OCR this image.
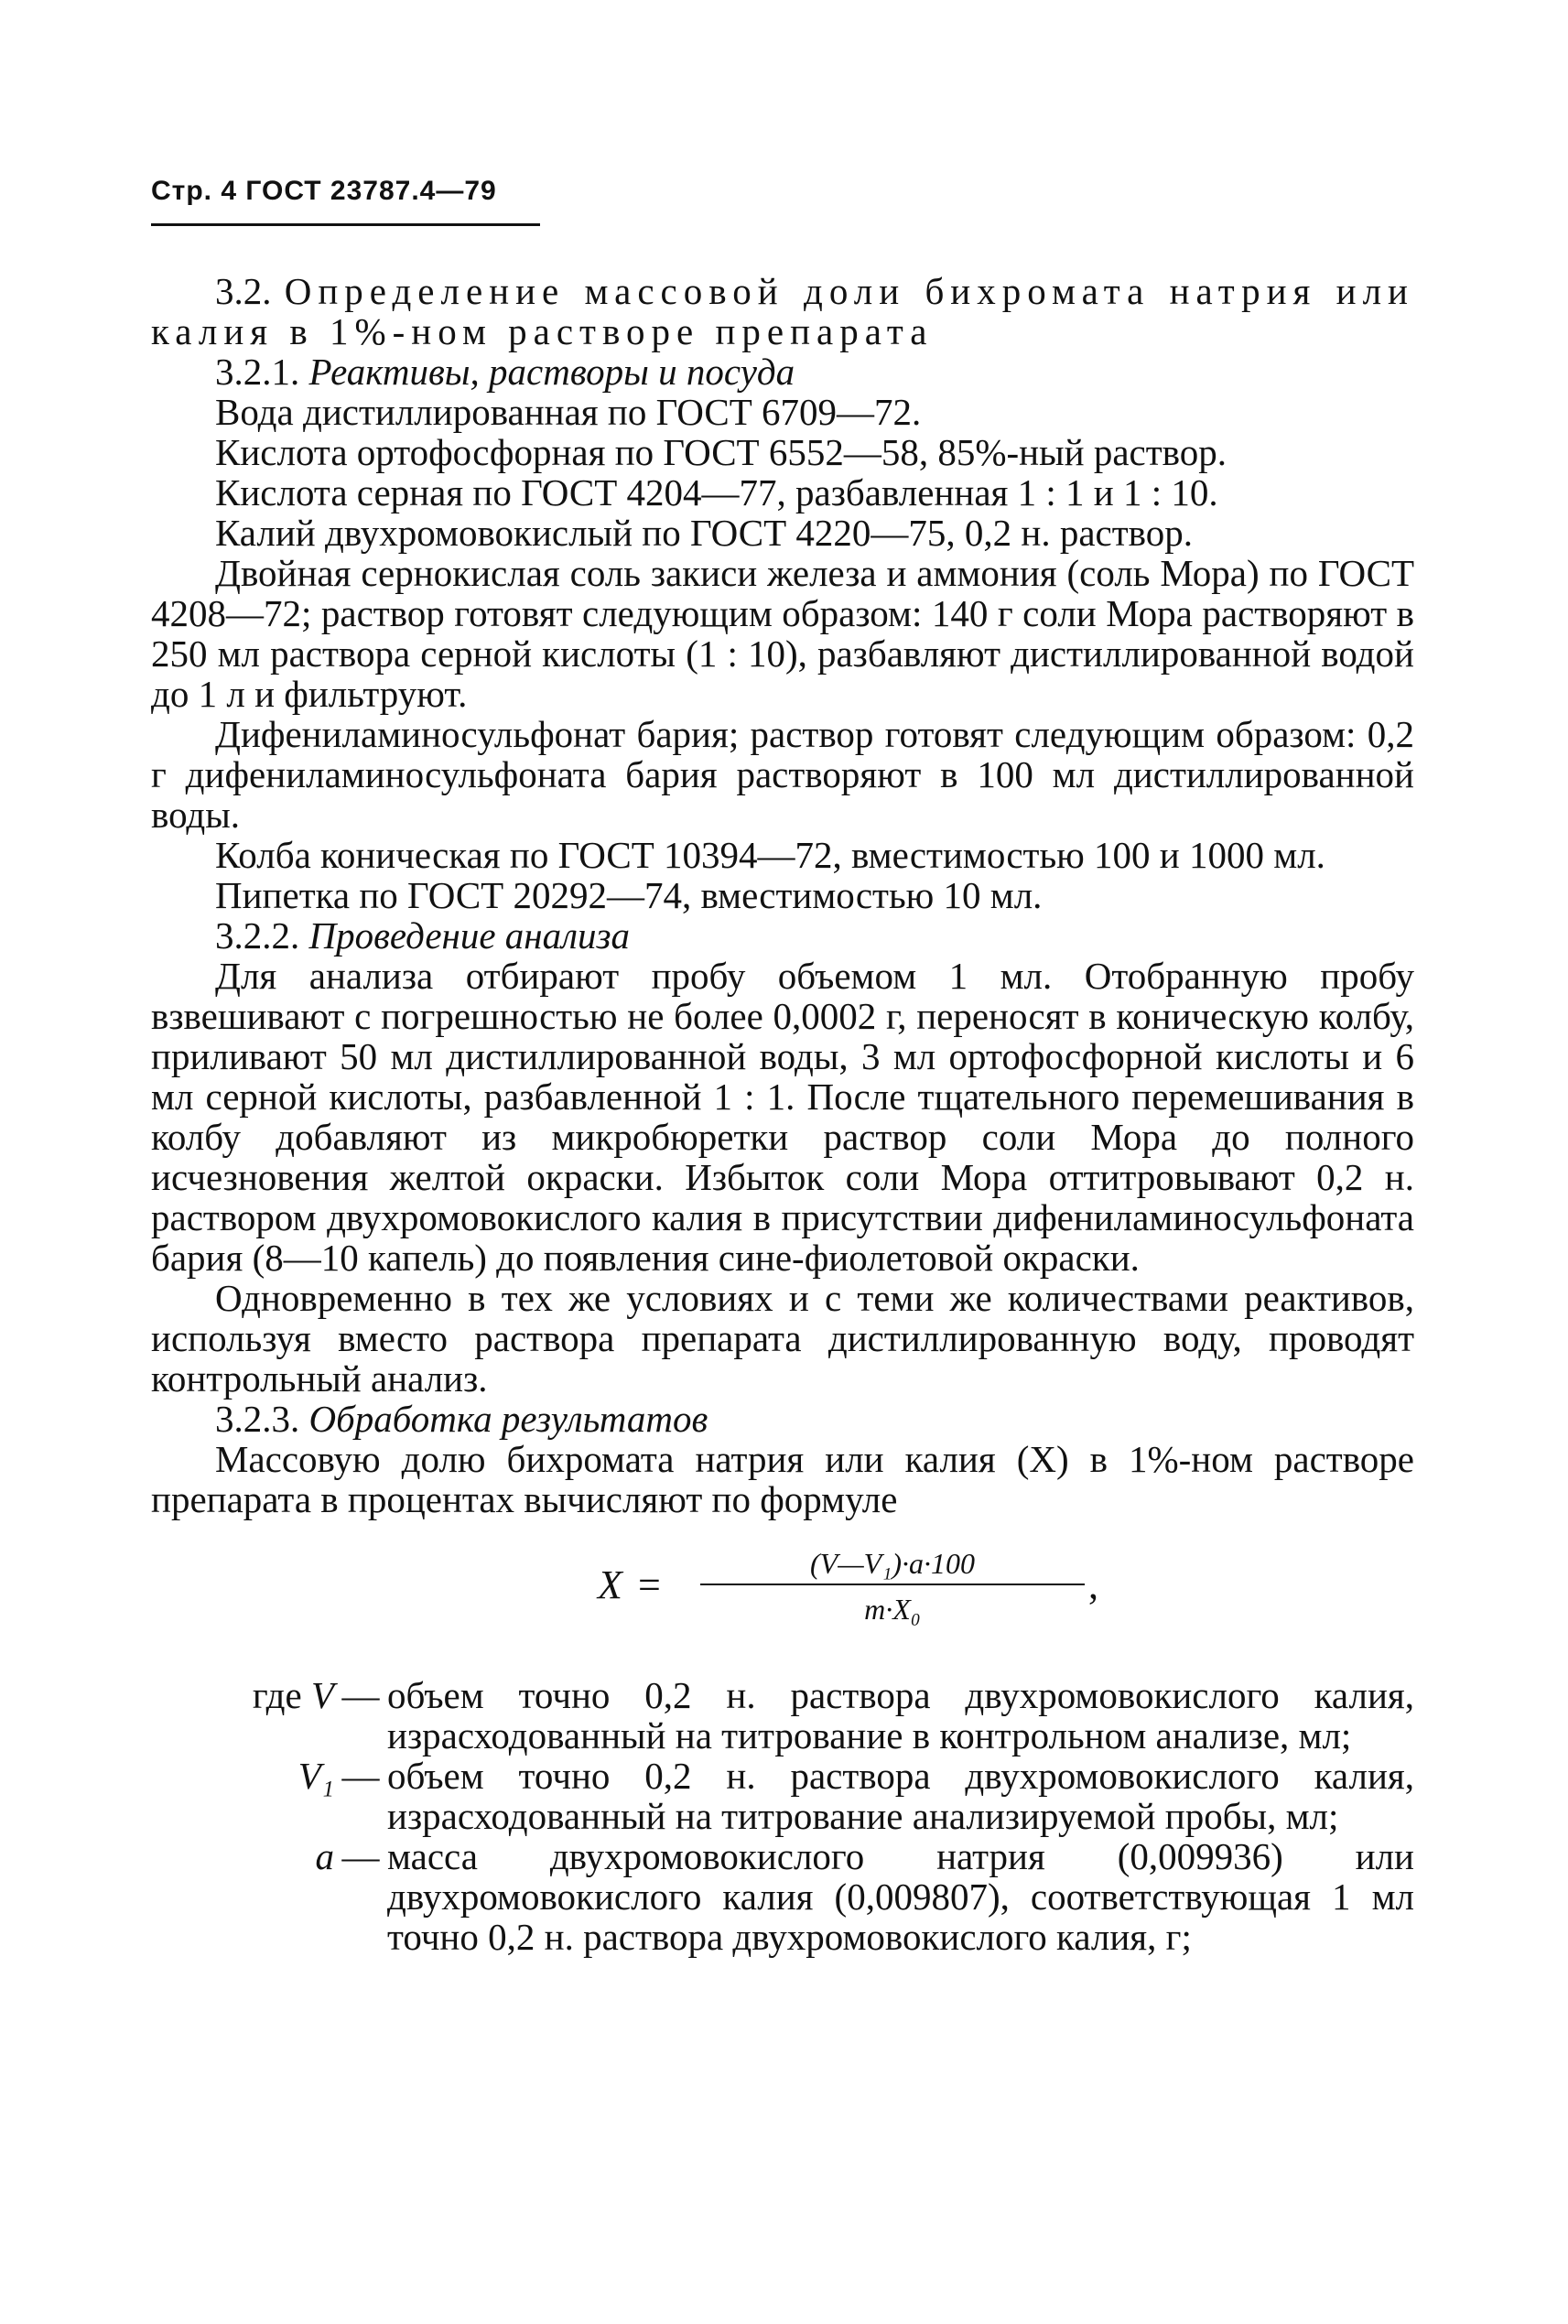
Стр. 4 ГОСТ 23787.4—79
3.2. Определение массовой доли бихромата натрия или калия в 1%-ном растворе препарата
3.2.1. Реактивы, растворы и посуда
Вода дистиллированная по ГОСТ 6709—72.
Кислота ортофосфорная по ГОСТ 6552—58, 85%-ный раствор.
Кислота серная по ГОСТ 4204—77, разбавленная 1 : 1 и 1 : 10.
Калий двухромовокислый по ГОСТ 4220—75, 0,2 н. раствор.
Двойная сернокислая соль закиси железа и аммония (соль Мора) по ГОСТ 4208—72; раствор готовят следующим образом: 140 г соли Мора растворяют в 250 мл раствора серной кислоты (1 : 10), разбавляют дистиллированной водой до 1 л и фильтруют.
Дифениламиносульфонат бария; раствор готовят следующим образом: 0,2 г дифениламиносульфоната бария растворяют в 100 мл дистиллированной воды.
Колба коническая по ГОСТ 10394—72, вместимостью 100 и 1000 мл.
Пипетка по ГОСТ 20292—74, вместимостью 10 мл.
3.2.2. Проведение анализа
Для анализа отбирают пробу объемом 1 мл. Отобранную пробу взвешивают с погрешностью не более 0,0002 г, переносят в коническую колбу, приливают 50 мл дистиллированной воды, 3 мл ортофосфорной кислоты и 6 мл серной кислоты, разбавленной 1 : 1. После тщательного перемешивания в колбу добавляют из микробюретки раствор соли Мора до полного исчезновения желтой окраски. Избыток соли Мора оттитровывают 0,2 н. раствором двухромовокислого калия в присутствии дифениламиносульфоната бария (8—10 капель) до появления сине-фиолетовой окраски.
Одновременно в тех же условиях и с теми же количествами реактивов, используя вместо раствора препарата дистиллированную воду, проводят контрольный анализ.
3.2.3. Обработка результатов
Массовую долю бихромата натрия или калия (X) в 1%-ном растворе препарата в процентах вычисляют по формуле
X =	(V—V₁)·a·100
m·X₀
,
где V — объем точно 0,2 н. раствора двухромовокислого калия, израсходованный на титрование в контрольном анализе, мл;
V₁ — объем точно 0,2 н. раствора двухромовокислого калия, израсходованный на титрование анализируемой пробы, мл;
a — масса двухромовокислого натрия (0,009936) или двухромовокислого калия (0,009807), соответствующая 1 мл точно 0,2 н. раствора двухромовокислого калия, г;
